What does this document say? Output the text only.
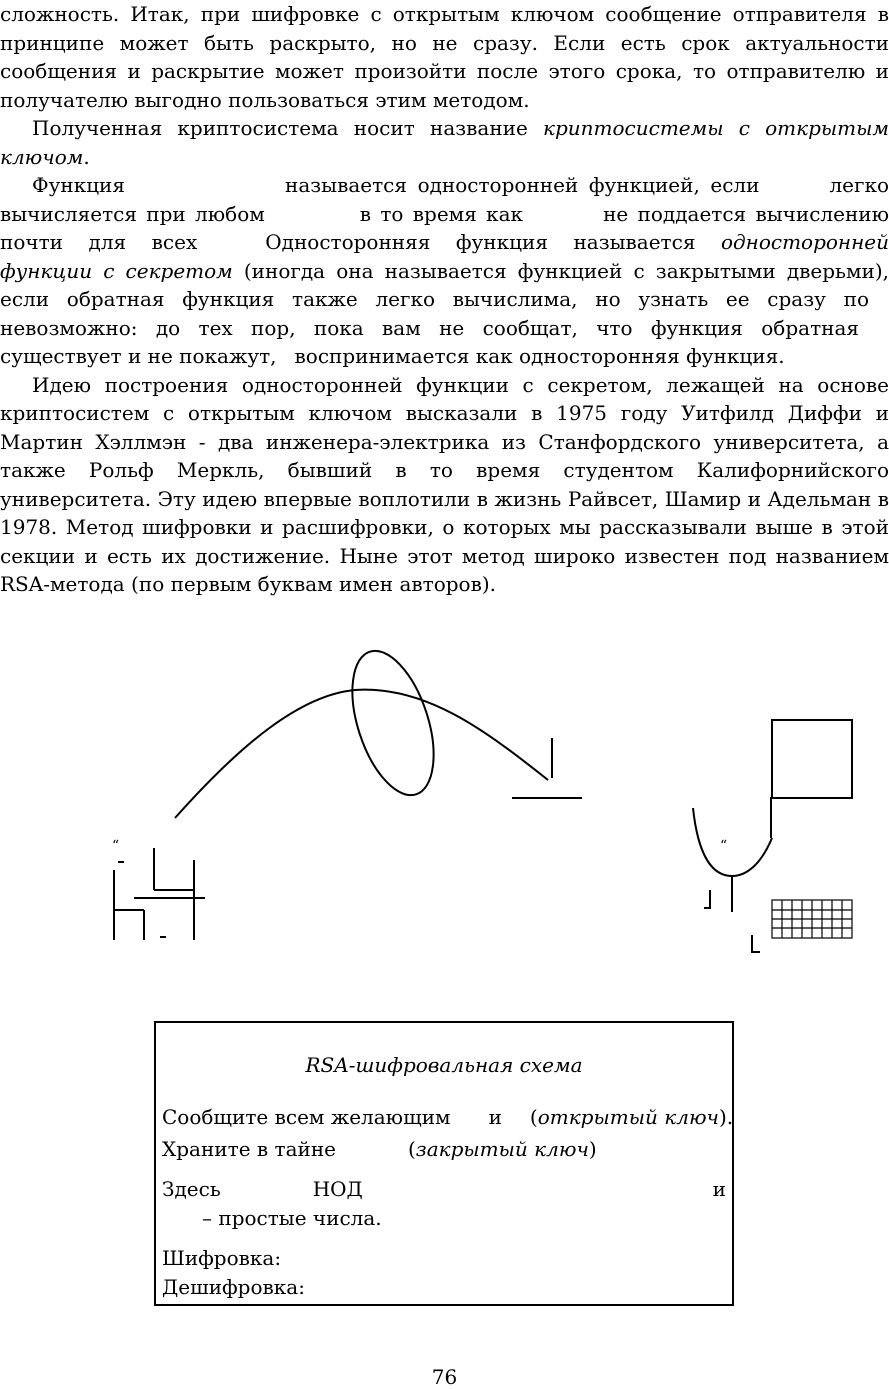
сложность. Итак, при шифровке с открытым ключом сообщение отправителя в принципе может быть раскрыто, но не сразу. Если есть срок актуальности сообщения и раскрытие может произойти после этого срока, то отправителю и получателю выгодно пользоваться этим методом.

Полученная криптосистема носит название криптосистемы с открытым ключом.

Функция	называется односторонней функцией, если	легко вычисляется при любом	в то время как	не поддается вычислению почти для всех	Односторонняя функция называется односторонней функции с секретом (иногда она называется функцией с закрытыми дверьми), если обратная функция также легко вычислима, но узнать ее сразу поневозможно: до тех пор, пока вам не сообщат, что функция обратнаясуществует и не покажут, воспринимается как односторонняя функция.

Идею построения односторонней функции с секретом, лежащей на основе криптосистем с открытым ключом высказали в 1975 году Уитфилд Диффи и Мартин Хэллмэн - два инженера-электрика из Станфордского университета, а также Рольф Меркль, бывший в то время студентом Калифорнийского университета. Эту идею впервые воплотили в жизнь Райвсет, Шамир и Адельман в 1978. Метод шифровки и расшифровки, о которых мы рассказывали выше в этой секции и есть их достижение. Ныне этот метод широко известен под названием RSA-метода (по первым буквам имен авторов).

“	“
RSA-шифровальная схема
Сообщите всем желающим и (открытый ключ).
Храните в тайне	(закрытый ключ)
Здесь	НОД	и
– простые числа.
Шифровка:
Дешифровка:
76
